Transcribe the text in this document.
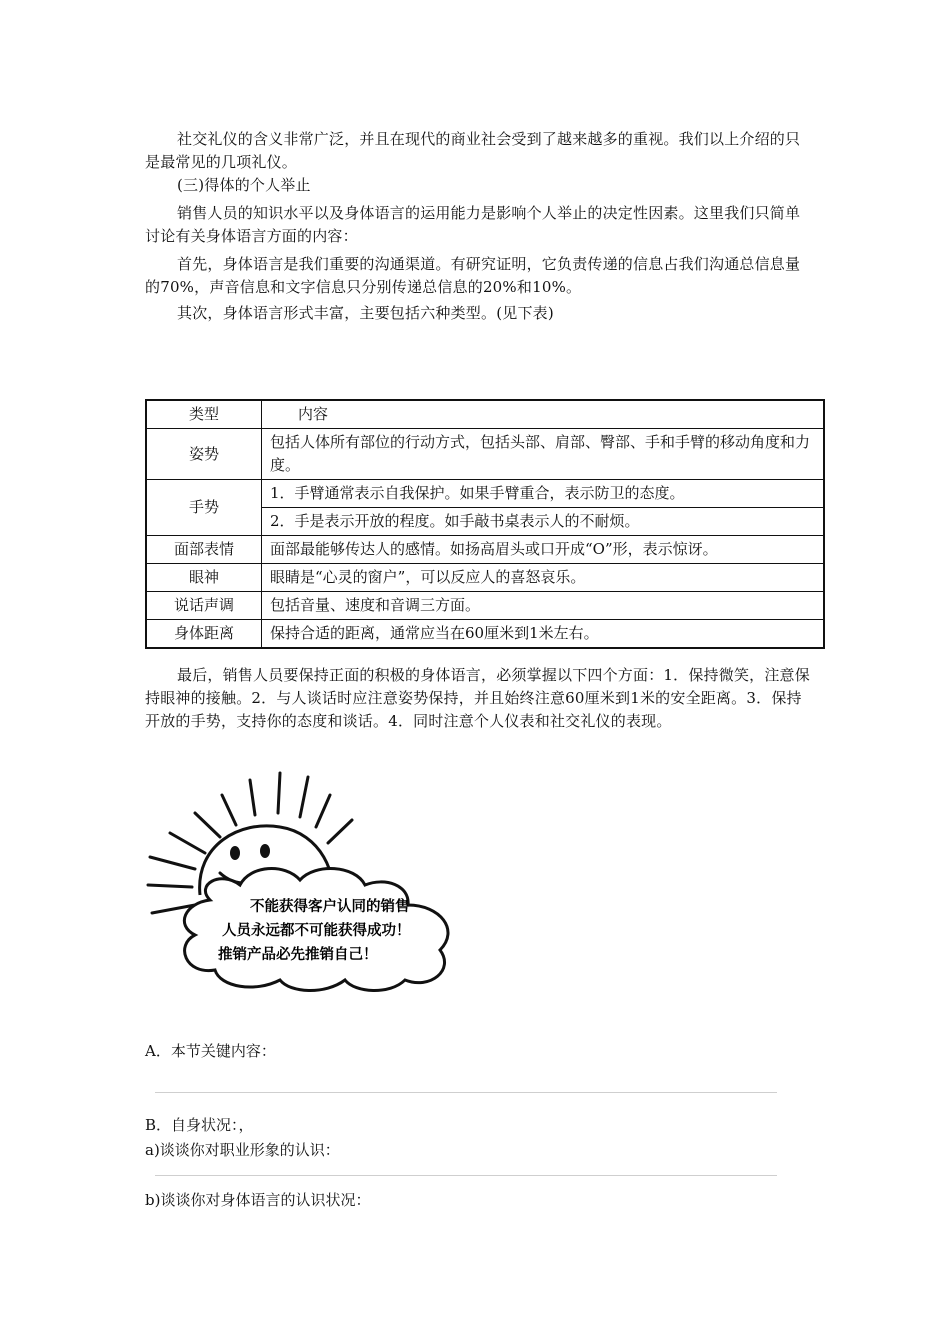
社交礼仪的含义非常广泛，并且在现代的商业社会受到了越来越多的重视。我们以上介绍的只是最常见的几项礼仪。

(三)得体的个人举止

销售人员的知识水平以及身体语言的运用能力是影响个人举止的决定性因素。这里我们只简单讨论有关身体语言方面的内容：

首先，身体语言是我们重要的沟通渠道。有研究证明，它负责传递的信息占我们沟通总信息量的70%，声音信息和文字信息只分别传递总信息的20%和10%。

其次，身体语言形式丰富，主要包括六种类型。(见下表)

类型	内容
姿势	包括人体所有部位的行动方式，包括头部、肩部、臀部、手和手臂的移动角度和力度。
手势	1．手臂通常表示自我保护。如果手臂重合，表示防卫的态度。
	2．手是表示开放的程度。如手敲书桌表示人的不耐烦。
面部表情	面部最能够传达人的感情。如扬高眉头或口开成“O”形，表示惊讶。
眼神	眼睛是“心灵的窗户”，可以反应人的喜怒哀乐。
说话声调	包括音量、速度和音调三方面。
身体距离	保持合适的距离，通常应当在60厘米到1米左右。

最后，销售人员要保持正面的积极的身体语言，必须掌握以下四个方面：1．保持微笑，注意保持眼神的接触。2．与人谈话时应注意姿势保持，并且始终注意60厘米到1米的安全距离。3．保持开放的手势，支持你的态度和谈话。4．同时注意个人仪表和社交礼仪的表现。

不能获得客户认同的销售
人员永远都不可能获得成功！
推销产品必先推销自己！

A．本节关键内容：

B．自身状况：，

a)谈谈你对职业形象的认识：

b)谈谈你对身体语言的认识状况：
